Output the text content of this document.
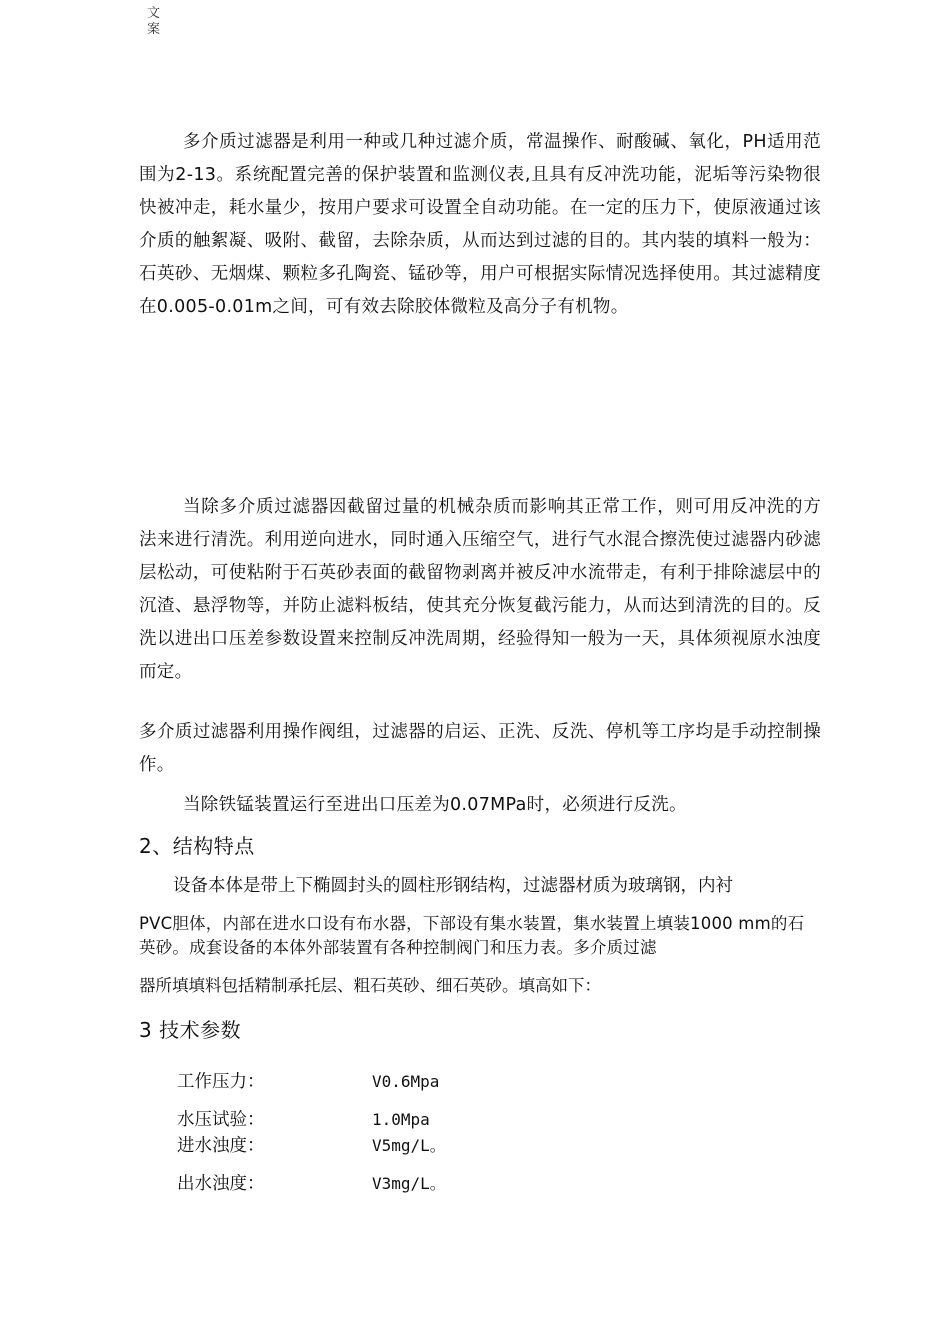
文
案
多介质过滤器是利用一种或几种过滤介质，常温操作、耐酸碱、氧化，PH适用范围为2-13。系统配置完善的保护装置和监测仪表,且具有反冲洗功能，泥垢等污染物很快被冲走，耗水量少，按用户要求可设置全自动功能。在一定的压力下，使原液通过该介质的触絮凝、吸附、截留，去除杂质，从而达到过滤的目的。其内装的填料一般为：石英砂、无烟煤、颗粒多孔陶瓷、锰砂等，用户可根据实际情况选择使用。其过滤精度在0.005-0.01m之间，可有效去除胶体微粒及高分子有机物。
当除多介质过滤器因截留过量的机械杂质而影响其正常工作，则可用反冲洗的方法来进行清洗。利用逆向进水，同时通入压缩空气，进行气水混合擦洗使过滤器内砂滤层松动，可使粘附于石英砂表面的截留物剥离并被反冲水流带走，有利于排除滤层中的沉渣、悬浮物等，并防止滤料板结，使其充分恢复截污能力，从而达到清洗的目的。反洗以进出口压差参数设置来控制反冲洗周期，经验得知一般为一天，具体须视原水浊度而定。
多介质过滤器利用操作阀组，过滤器的启运、正洗、反洗、停机等工序均是手动控制操作。
当除铁锰装置运行至进出口压差为0.07MPa时，必须进行反洗。
2、结构特点
设备本体是带上下椭圆封头的圆柱形钢结构，过滤器材质为玻璃钢，内衬
PVC胆体，内部在进水口设有布水器，下部设有集水装置，集水装置上填装1000 mm的石英砂。成套设备的本体外部装置有各种控制阀门和压力表。多介质过滤
器所填填料包括精制承托层、粗石英砂、细石英砂。填高如下：
3 技术参数
工作压力：	V0.6Mpa
水压试验：	1.0Mpa
进水浊度：	V5mg/L。
出水浊度：	V3mg/L。
